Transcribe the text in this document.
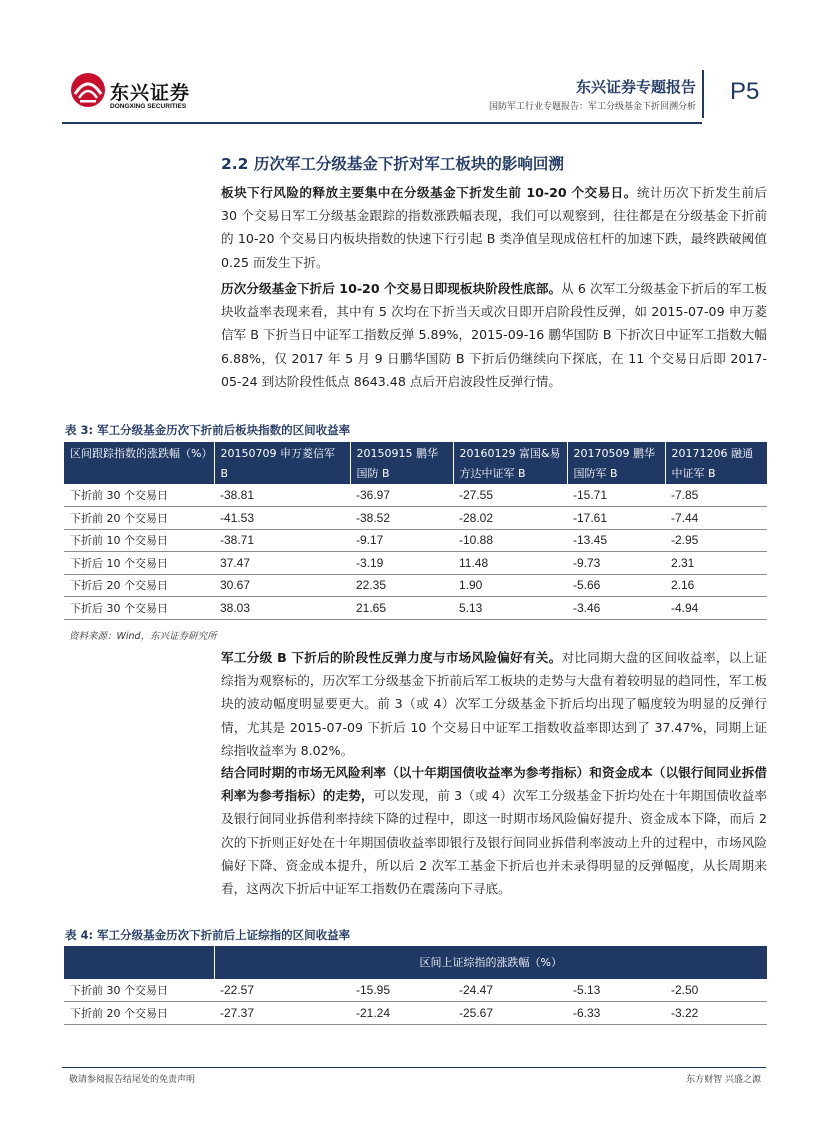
东兴证券
DONGXING SECURITIES
东兴证券专题报告
国防军工行业专题报告：军工分级基金下折回溯分析
P5
2.2 历次军工分级基金下折对军工板块的影响回溯
板块下行风险的释放主要集中在分级基金下折发生前 10-20 个交易日。统计历次下折发生前后 30 个交易日军工分级基金跟踪的指数涨跌幅表现，我们可以观察到，往往都是在分级基金下折前的 10-20 个交易日内板块指数的快速下行引起 B 类净值呈现成倍杠杆的加速下跌，最终跌破阈值 0.25 而发生下折。
历次分级基金下折后 10-20 个交易日即现板块阶段性底部。从 6 次军工分级基金下折后的军工板块收益率表现来看，其中有 5 次均在下折当天或次日即开启阶段性反弹，如 2015-07-09 申万菱信军 B 下折当日中证军工指数反弹 5.89%，2015-09-16 鹏华国防 B 下折次日中证军工指数大幅 6.88%，仅 2017 年 5 月 9 日鹏华国防 B 下折后仍继续向下探底，在 11 个交易日后即 2017-05-24 到达阶段性低点 8643.48 点后开启波段性反弹行情。
表 3: 军工分级基金历次下折前后板块指数的区间收益率
区间跟踪指数的涨跌幅（%）	20150709 申万菱信军 B	20150915 鹏华国防 B	20160129 富国&易方达中证军 B	20170509 鹏华国防军 B	20171206 融通中证军 B
下折前 30 个交易日	-38.81	-36.97	-27.55	-15.71	-7.85
下折前 20 个交易日	-41.53	-38.52	-28.02	-17.61	-7.44
下折前 10 个交易日	-38.71	-9.17	-10.88	-13.45	-2.95
下折后 10 个交易日	37.47	-3.19	11.48	-9.73	2.31
下折后 20 个交易日	30.67	22.35	1.90	-5.66	2.16
下折后 30 个交易日	38.03	21.65	5.13	-3.46	-4.94
资料来源：Wind，东兴证券研究所
军工分级 B 下折后的阶段性反弹力度与市场风险偏好有关。对比同期大盘的区间收益率，以上证综指为观察标的，历次军工分级基金下折前后军工板块的走势与大盘有着较明显的趋同性，军工板块的波动幅度明显要更大。前 3（或 4）次军工分级基金下折后均出现了幅度较为明显的反弹行情，尤其是 2015-07-09 下折后 10 个交易日中证军工指数收益率即达到了 37.47%，同期上证综指收益率为 8.02%。
结合同时期的市场无风险利率（以十年期国债收益率为参考指标）和资金成本（以银行间同业拆借利率为参考指标）的走势，可以发现，前 3（或 4）次军工分级基金下折均处在十年期国债收益率及银行间同业拆借利率持续下降的过程中，即这一时期市场风险偏好提升、资金成本下降，而后 2 次的下折则正好处在十年期国债收益率即银行及银行间同业拆借利率波动上升的过程中，市场风险偏好下降、资金成本提升，所以后 2 次军工基金下折后也并未录得明显的反弹幅度，从长周期来看，这两次下折后中证军工指数仍在震荡向下寻底。
表 4: 军工分级基金历次下折前后上证综指的区间收益率
	区间上证综指的涨跌幅（%）				
下折前 30 个交易日	-22.57	-15.95	-24.47	-5.13	-2.50
下折前 20 个交易日	-27.37	-21.24	-25.67	-6.33	-3.22
敬请参阅报告结尾处的免责声明	东方财智 兴盛之源
